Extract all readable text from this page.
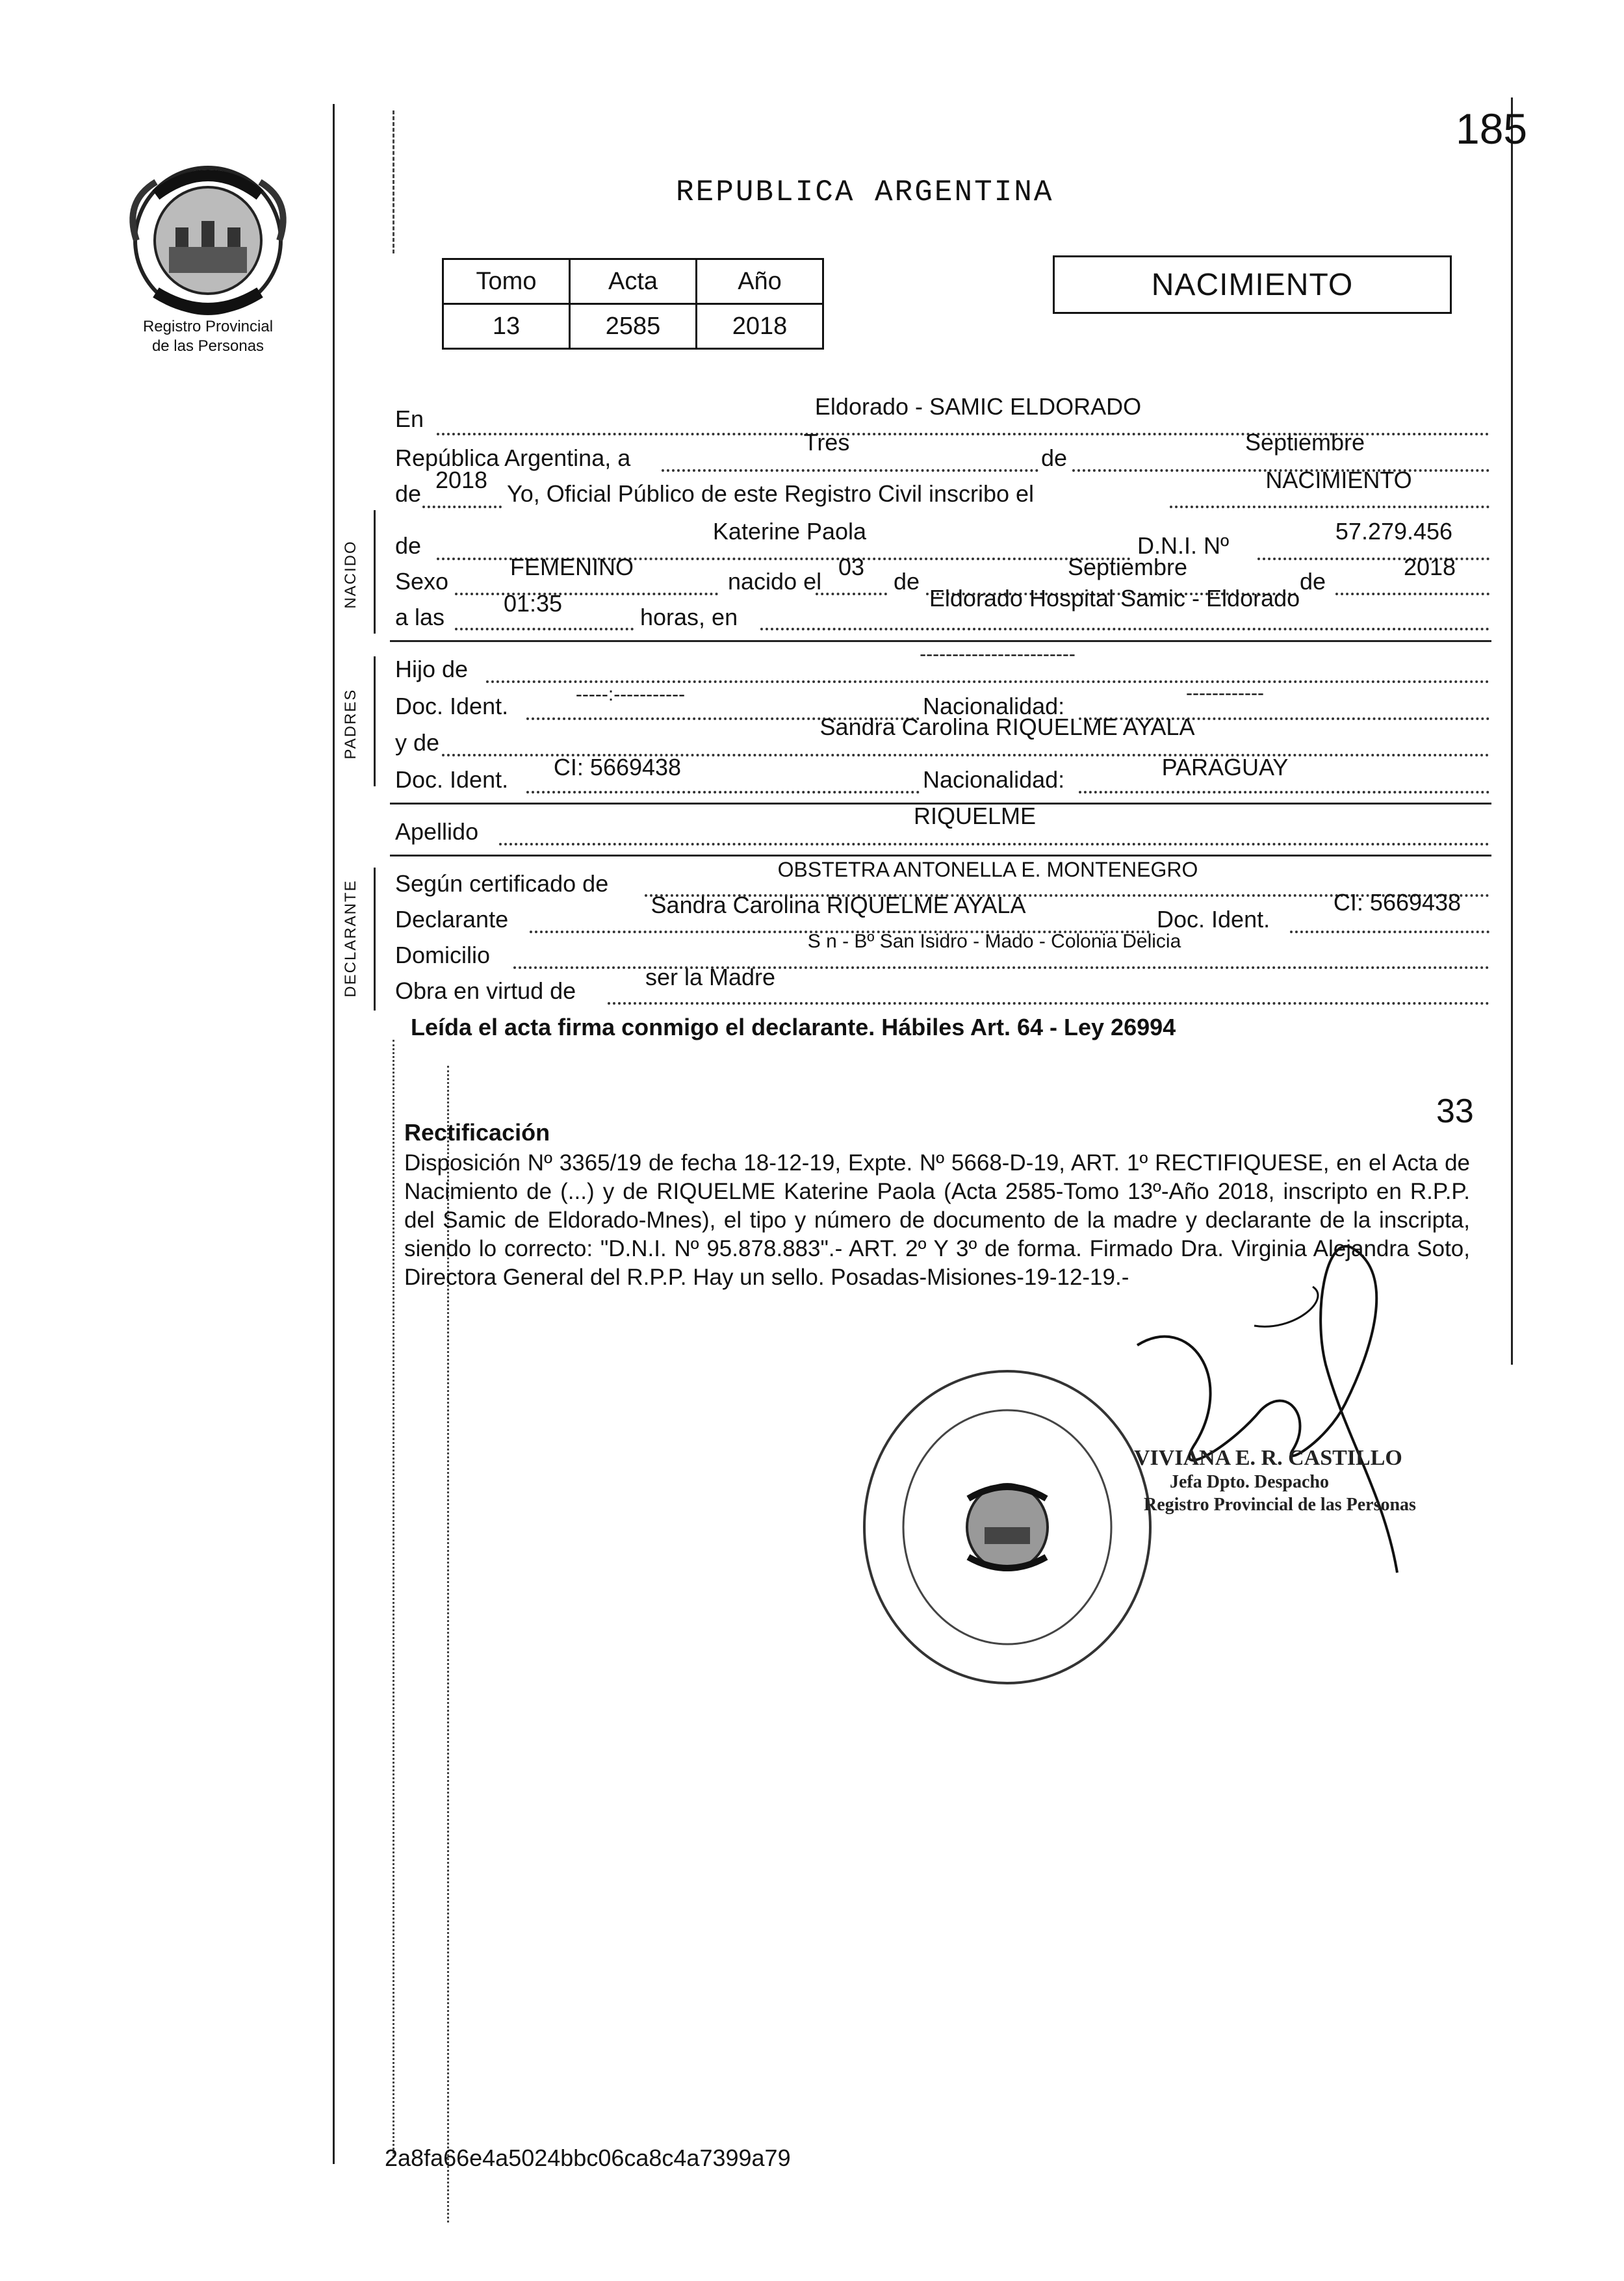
Registro Provincial
de las Personas
185
REPUBLICA ARGENTINA
Tomo	Acta	Año
13	2585	2018
NACIMIENTO
En	Eldorado - SAMIC ELDORADO
República Argentina, a
Tres
de
Septiembre
de
2018
Yo, Oficial Público de este Registro Civil inscribo el
NACIMIENTO
NACIDO de
Katerine Paola
D.N.I. Nº
57.279.456
Sexo
FEMENINO
nacido el
03
de
Septiembre
de
2018
a las
01:35
horas, en
Eldorado Hospital Samic - Eldorado
PADRES
Hijo de
------------------------
Doc. Ident.	-----:-----------	Nacionalidad:	------------
y de
Sandra Carolina RIQUELME AYALA
Doc. Ident. CI: 5669438	Nacionalidad:	PARAGUAY
Apellido
RIQUELME
DECLARANTE Según certificado de
OBSTETRA ANTONELLA E. MONTENEGRO
Declarante
Sandra Carolina RIQUELME AYALA
Doc. Ident.
CI: 5669438
Domicilio
S n - Bº San Isidro - Mado - Colonia Delicia
Obra en virtud de
ser la Madre
Leída el acta firma conmigo el declarante. Hábiles Art. 64 - Ley 26994
33
Rectificación
Disposición Nº 3365/19 de fecha 18-12-19, Expte. Nº 5668-D-19, ART. 1º RECTIFIQUESE, en el Acta de Nacimiento de (...) y de RIQUELME Katerine Paola (Acta 2585-Tomo 13º-Año 2018, inscripto en R.P.P. del Samic de Eldorado-Mnes), el tipo y número de documento de la madre y declarante de la inscripta, siendo lo correcto: "D.N.I. Nº 95.878.883".- ART. 2º Y 3º de forma. Firmado Dra. Virginia Alejandra Soto, Directora General del R.P.P. Hay un sello. Posadas-Misiones-19-12-19.-
VIVIANA E. R. CASTILLO
Jefa Dpto. Despacho
Registro Provincial de las Personas
2a8fa66e4a5024bbc06ca8c4a7399a79
